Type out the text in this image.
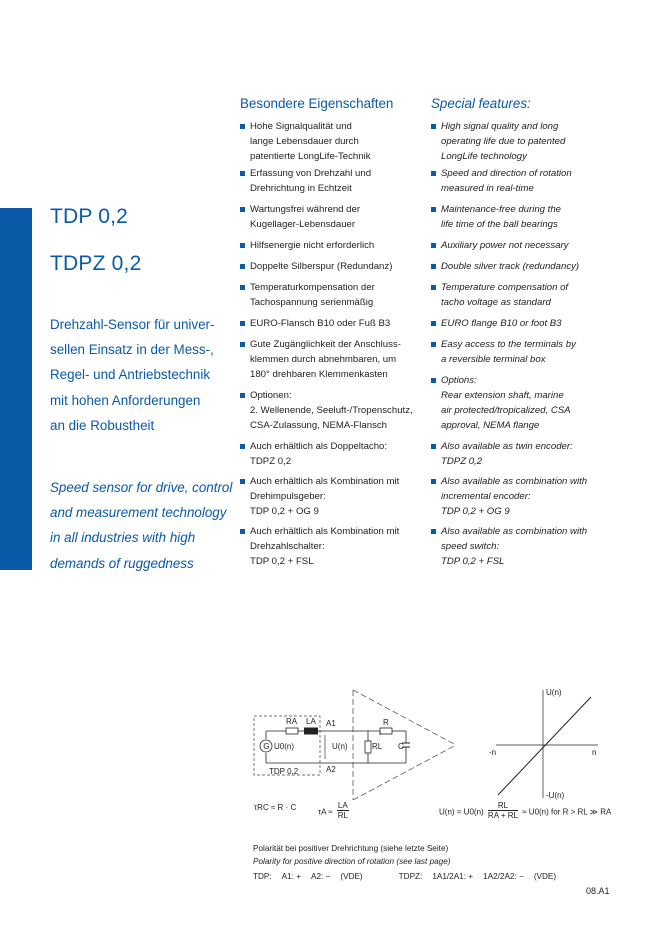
TDP 0,2
TDPZ 0,2
Drehzahl-Sensor für univer-
sellen Einsatz in der Mess-,
Regel- und Antriebstechnik
mit hohen Anforderungen
an die Robustheit
Speed sensor for drive, control
and measurement technology
in all industries with high
demands of ruggedness
Besondere Eigenschaften
Hohe Signalqualität und
lange Lebensdauer durch
patentierte LongLife-Technik
Erfassung von Drehzahl und
Drehrichtung in Echtzeit
Wartungsfrei während der
Kugellager-Lebensdauer
Hilfsenergie nicht erforderlich
Doppelte Silberspur (Redundanz)
Temperaturkompensation der
Tachospannung serienmäßig
EURO-Flansch B10 oder Fuß B3
Gute Zugänglichkeit der Anschluss-
klemmen durch abnehmbaren, um
180° drehbaren Klemmenkasten
Optionen:
2. Wellenende, Seeluft-/Tropenschutz,
CSA-Zulassung, NEMA-Flansch
Auch erhältlich als Doppeltacho:
TDPZ 0,2
Auch erhältlich als Kombination mit
Drehimpulsgeber:
TDP 0,2 + OG 9
Auch erhältlich als Kombination mit
Drehzahlschalter:
TDP 0,2 + FSL
Special features:
High signal quality and long
operating life due to patented
LongLife technology
Speed and direction of rotation
measured in real-time
Maintenance-free during the
life time of the ball bearings
Auxiliary power not necessary
Double silver track (redundancy)
Temperature compensation of
tacho voltage as standard
EURO flange B10 or foot B3
Easy access to the terminals by
a reversible terminal box
Options:
Rear extension shaft, marine
air protected/tropicalized, CSA
approval, NEMA flange
Also available as twin encoder:
TDPZ 0,2
Also available as combination with
incremental encoder:
TDP 0,2 + OG 9
Also available as combination with
speed switch:
TDP 0,2 + FSL
G
RA LA A1
A2
R
RL C
U0(n)	U(n)
TDP 0,2
U(n)
-U(n)
n
-n
τRC ≈ R · C
$\tau A \approx \frac{LA}{RL}$	$U(n) = U0(n) \frac{RL}{RA + RL} \approx U0(n)$ for R > RL ≫ RA
Polarität bei positiver Drehrichtung (siehe letzte Seite)
Polarity for positive direction of rotation (see last page)
TDP: A1: + A2: − (VDE)	TDPZ: 1A1/2A1: + 1A2/2A2: − (VDE)
08.A1
